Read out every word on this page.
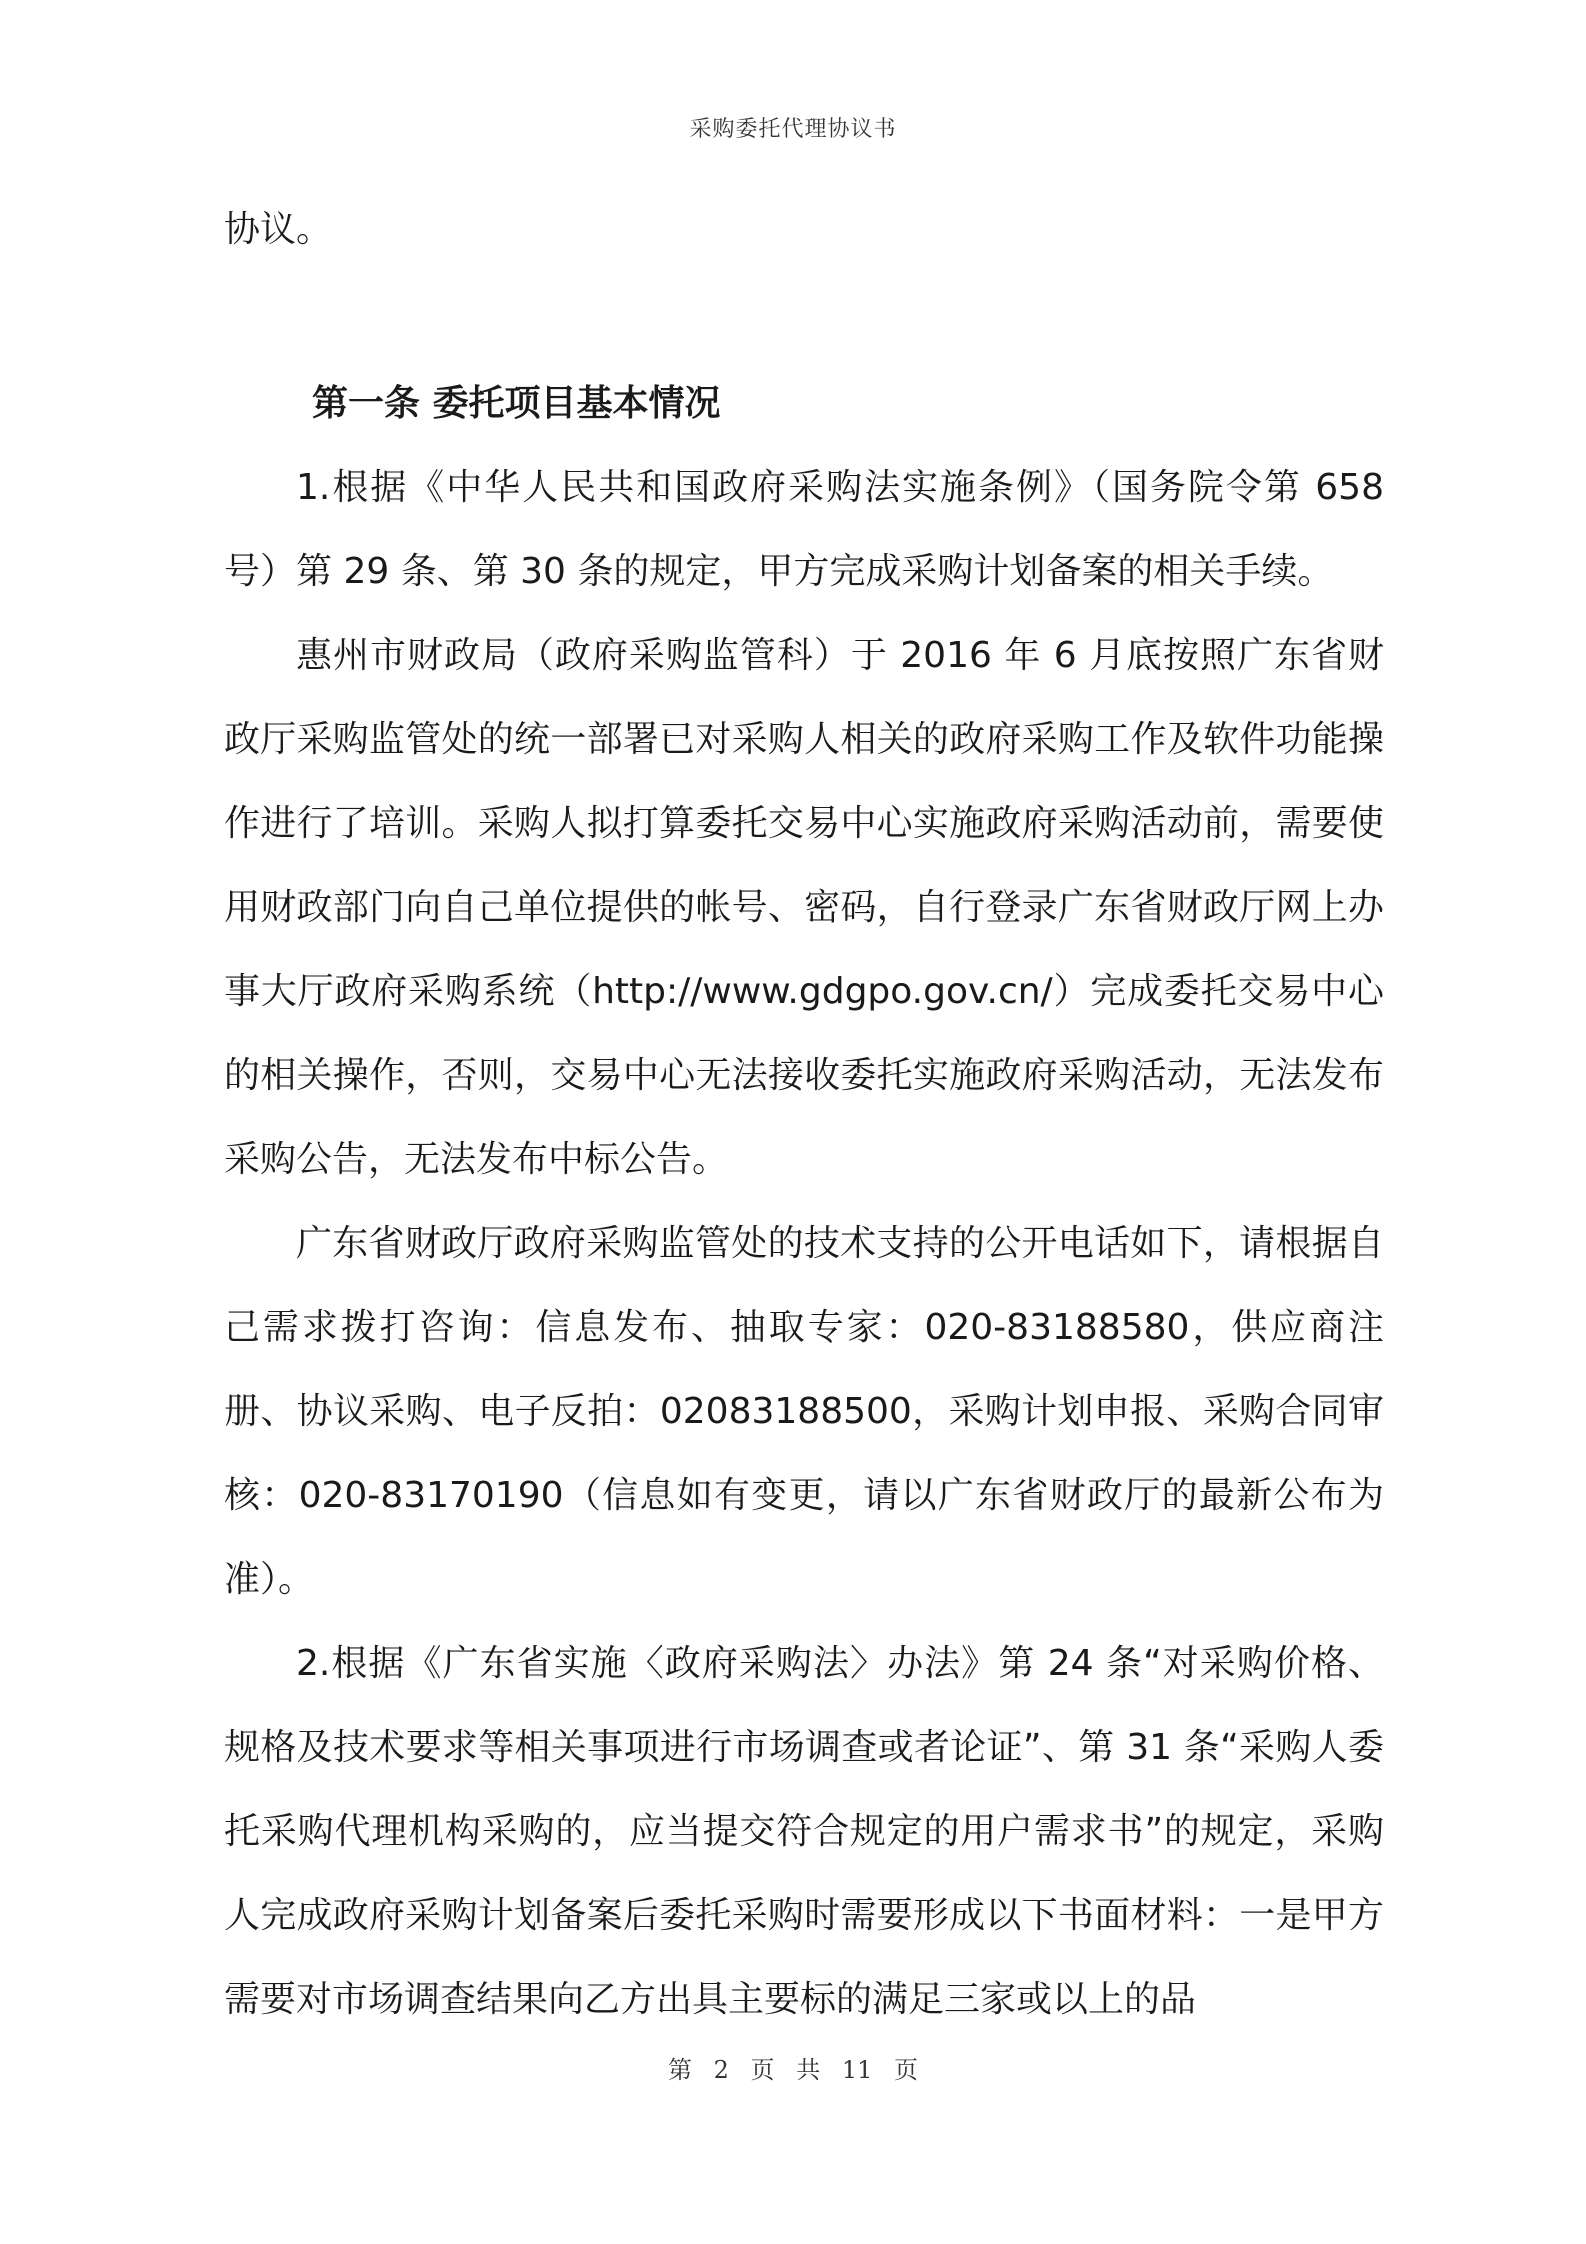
采购委托代理协议书

协议。

第一条 委托项目基本情况

1.根据《中华人民共和国政府采购法实施条例》（国务院令第 658 号）第 29 条、第 30 条的规定，甲方完成采购计划备案的相关手续。

惠州市财政局（政府采购监管科）于 2016 年 6 月底按照广东省财政厅采购监管处的统一部署已对采购人相关的政府采购工作及软件功能操作进行了培训。采购人拟打算委托交易中心实施政府采购活动前，需要使用财政部门向自己单位提供的帐号、密码，自行登录广东省财政厅网上办事大厅政府采购系统（http://www.gdgpo.gov.cn/）完成委托交易中心的相关操作，否则，交易中心无法接收委托实施政府采购活动，无法发布采购公告，无法发布中标公告。

广东省财政厅政府采购监管处的技术支持的公开电话如下，请根据自己需求拨打咨询：信息发布、抽取专家：020-83188580，供应商注册、协议采购、电子反拍：02083188500，采购计划申报、采购合同审核：020-83170190（信息如有变更，请以广东省财政厅的最新公布为准）。

2.根据《广东省实施〈政府采购法〉办法》第 24 条“对采购价格、规格及技术要求等相关事项进行市场调查或者论证”、第 31 条“采购人委托采购代理机构采购的，应当提交符合规定的用户需求书”的规定，采购人完成政府采购计划备案后委托采购时需要形成以下书面材料：一是甲方需要对市场调查结果向乙方出具主要标的满足三家或以上的品

第 2 页 共 11 页
